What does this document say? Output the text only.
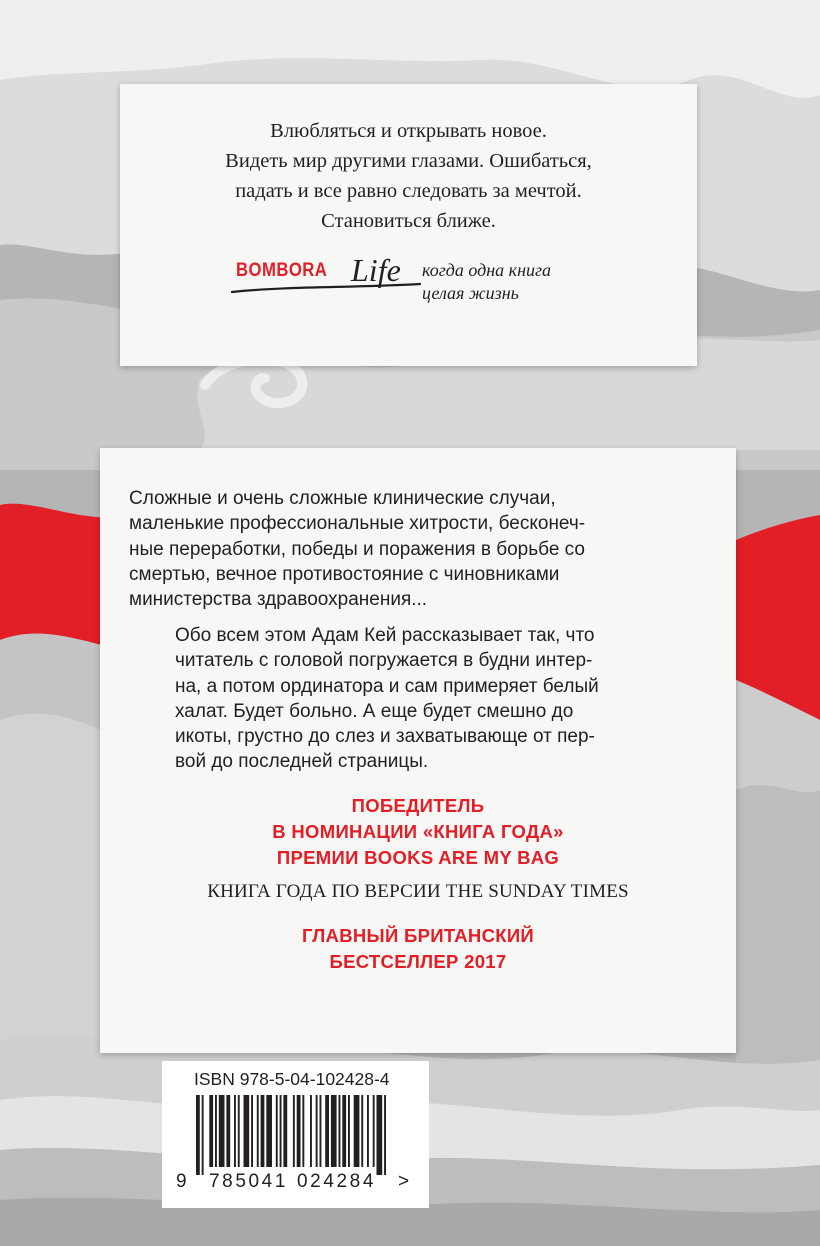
Влюбляться и открывать новое.
Видеть мир другими глазами. Ошибаться,
падать и все равно следовать за мечтой.
Становиться ближе.
BOMBORA Life когда одна книга
целая жизнь
Сложные и очень сложные клинические случаи,
маленькие профессиональные хитрости, бесконеч-
ные переработки, победы и поражения в борьбе со
смертью, вечное противостояние с чиновниками
министерства здравоохранения...
Обо всем этом Адам Кей рассказывает так, что
читатель с головой погружается в будни интер-
на, а потом ординатора и сам примеряет белый
халат. Будет больно. А еще будет смешно до
икоты, грустно до слез и захватывающе от пер-
вой до последней страницы.
ПОБЕДИТЕЛЬ
В НОМИНАЦИИ «КНИГА ГОДА»
ПРЕМИИ BOOKS ARE MY BAG
КНИГА ГОДА ПО ВЕРСИИ THE SUNDAY TIMES
ГЛАВНЫЙ БРИТАНСКИЙ
БЕСТСЕЛЛЕР 2017
ISBN 978-5-04-102428-4
9 785041 024284 >
